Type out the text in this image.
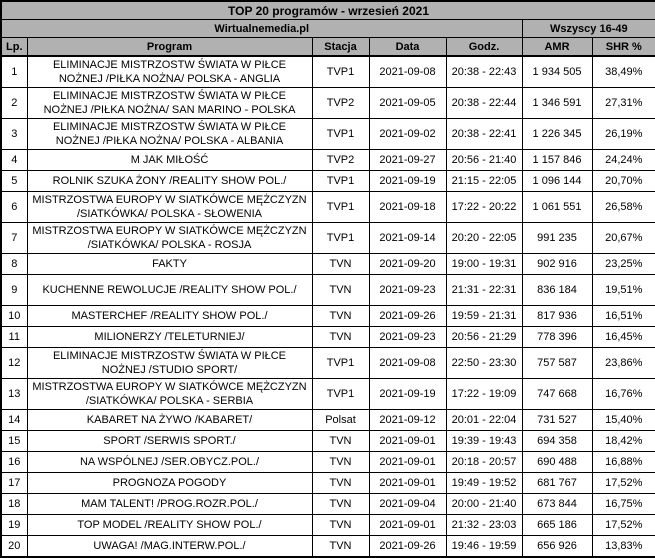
TOP 20 programów - wrzesień 2021						
Wirtualnemedia.pl					Wszyscy 16-49	
Lp.	Program	Stacja	Data	Godz.	AMR	SHR %
1	ELIMINACJE MISTRZOSTW ŚWIATA W PIŁCE NOŻNEJ /PIŁKA NOŻNA/ POLSKA - ANGLIA	TVP1	2021-09-08	20:38 - 22:43	1 934 505	38,49%
2	ELIMINACJE MISTRZOSTW ŚWIATA W PIŁCE NOŻNEJ /PIŁKA NOŻNA/ SAN MARINO - POLSKA	TVP2	2021-09-05	20:38 - 22:44	1 346 591	27,31%
3	ELIMINACJE MISTRZOSTW ŚWIATA W PIŁCE NOŻNEJ /PIŁKA NOŻNA/ POLSKA - ALBANIA	TVP1	2021-09-02	20:38 - 22:41	1 226 345	26,19%
4	M JAK MIŁOŚĆ	TVP2	2021-09-27	20:56 - 21:40	1 157 846	24,24%
5	ROLNIK SZUKA ŻONY /REALITY SHOW POL./	TVP1	2021-09-19	21:15 - 22:05	1 096 144	20,70%
6	MISTRZOSTWA EUROPY W SIATKÓWCE MĘŻCZYZN /SIATKÓWKA/ POLSKA - SŁOWENIA	TVP1	2021-09-18	17:22 - 20:22	1 061 551	26,58%
7	MISTRZOSTWA EUROPY W SIATKÓWCE MĘŻCZYZN /SIATKÓWKA/ POLSKA - ROSJA	TVP1	2021-09-14	20:20 - 22:05	991 235	20,67%
8	FAKTY	TVN	2021-09-20	19:00 - 19:31	902 916	23,25%
9	KUCHENNE REWOLUCJE /REALITY SHOW POL./	TVN	2021-09-23	21:31 - 22:31	836 184	19,51%
10	MASTERCHEF /REALITY SHOW POL./	TVN	2021-09-26	19:59 - 21:31	817 936	16,51%
11	MILIONERZY /TELETURNIEJ/	TVN	2021-09-23	20:56 - 21:29	778 396	16,45%
12	ELIMINACJE MISTRZOSTW ŚWIATA W PIŁCE NOŻNEJ /STUDIO SPORT/	TVP1	2021-09-08	22:50 - 23:30	757 587	23,86%
13	MISTRZOSTWA EUROPY W SIATKÓWCE MĘŻCZYZN /SIATKÓWKA/ POLSKA - SERBIA	TVP1	2021-09-19	17:22 - 19:09	747 668	16,76%
14	KABARET NA ŻYWO /KABARET/	Polsat	2021-09-12	20:01 - 22:04	731 527	15,40%
15	SPORT /SERWIS SPORT./	TVN	2021-09-01	19:39 - 19:43	694 358	18,42%
16	NA WSPÓLNEJ /SER.OBYCZ.POL./	TVN	2021-09-01	20:18 - 20:57	690 488	16,88%
17	PROGNOZA POGODY	TVN	2021-09-01	19:49 - 19:52	681 767	17,52%
18	MAM TALENT! /PROG.ROZR.POL./	TVN	2021-09-04	20:00 - 21:40	673 844	16,75%
19	TOP MODEL /REALITY SHOW POL./	TVN	2021-09-01	21:32 - 23:03	665 186	17,52%
20	UWAGA! /MAG.INTERW.POL./	TVN	2021-09-26	19:46 - 19:59	656 926	13,83%
